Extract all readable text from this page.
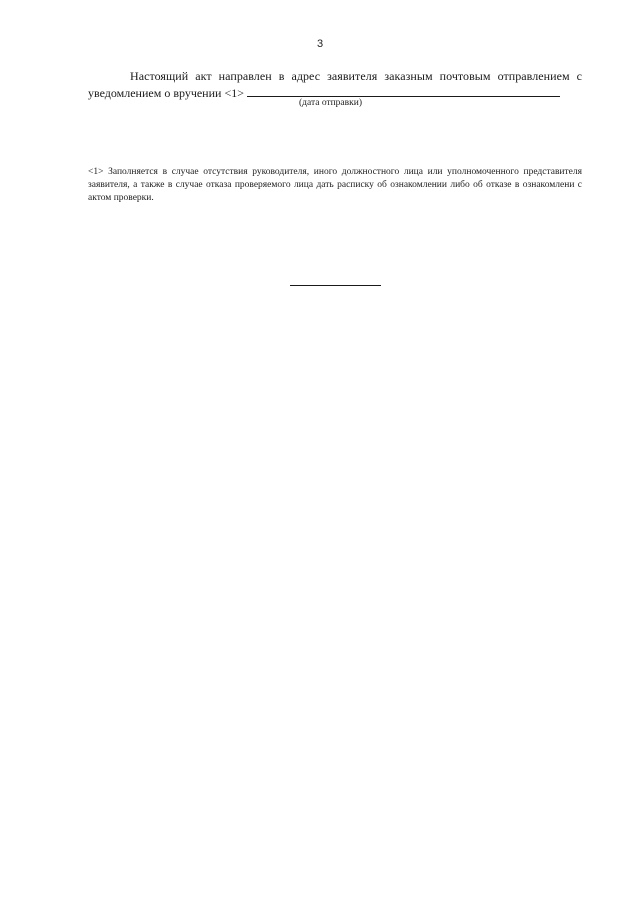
3
Настоящий акт направлен в адрес заявителя заказным почтовым отправлением с
уведомлением о вручении <1>
(дата отправки)
<1> Заполняется в случае отсутствия руководителя, иного должностного лица или уполномоченного представителя заявителя, а также в случае отказа проверяемого лица дать расписку об ознакомлении либо об отказе в ознакомлени с актом проверки.
